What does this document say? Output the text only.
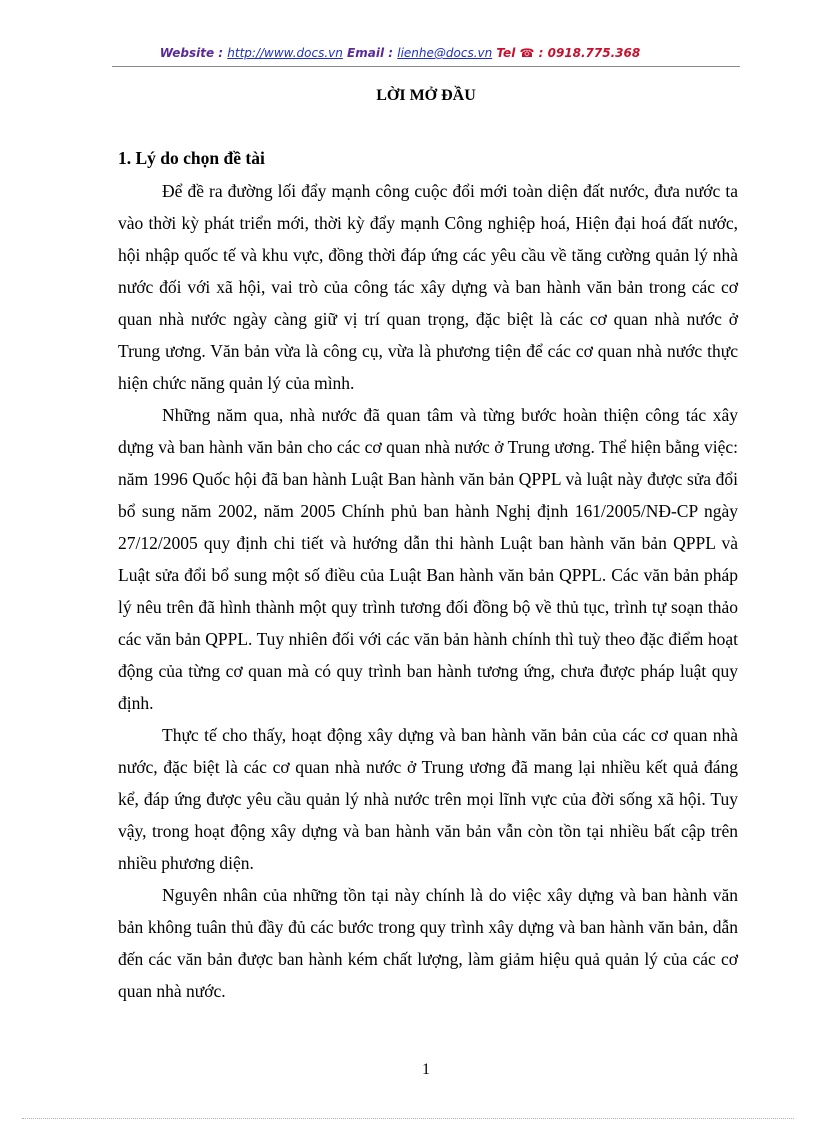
Website : http://www.docs.vn Email : lienhe@docs.vn Tel ☎ : 0918.775.368
LỜI MỞ ĐẦU
1. Lý do chọn đề tài

Để đề ra đường lối đẩy mạnh công cuộc đổi mới toàn diện đất nước, đưa nước ta vào thời kỳ phát triển mới, thời kỳ đẩy mạnh Công nghiệp hoá, Hiện đại hoá đất nước, hội nhập quốc tế và khu vực, đồng thời đáp ứng các yêu cầu về tăng cường quản lý nhà nước đối với xã hội, vai trò của công tác xây dựng và ban hành văn bản trong các cơ quan nhà nước ngày càng giữ vị trí quan trọng, đặc biệt là các cơ quan nhà nước ở Trung ương. Văn bản vừa là công cụ, vừa là phương tiện để các cơ quan nhà nước thực hiện chức năng quản lý của mình.

Những năm qua, nhà nước đã quan tâm và từng bước hoàn thiện công tác xây dựng và ban hành văn bản cho các cơ quan nhà nước ở Trung ương. Thể hiện bằng việc: năm 1996 Quốc hội đã ban hành Luật Ban hành văn bản QPPL và luật này được sửa đổi bổ sung năm 2002, năm 2005 Chính phủ ban hành Nghị định 161/2005/NĐ-CP ngày 27/12/2005 quy định chi tiết và hướng dẫn thi hành Luật ban hành văn bản QPPL và Luật sửa đổi bổ sung một số điều của Luật Ban hành văn bản QPPL. Các văn bản pháp lý nêu trên đã hình thành một quy trình tương đối đồng bộ về thủ tục, trình tự soạn thảo các văn bản QPPL. Tuy nhiên đối với các văn bản hành chính thì tuỳ theo đặc điểm hoạt động của từng cơ quan mà có quy trình ban hành tương ứng, chưa được pháp luật quy định.

Thực tế cho thấy, hoạt động xây dựng và ban hành văn bản của các cơ quan nhà nước, đặc biệt là các cơ quan nhà nước ở Trung ương đã mang lại nhiều kết quả đáng kể, đáp ứng được yêu cầu quản lý nhà nước trên mọi lĩnh vực của đời sống xã hội. Tuy vậy, trong hoạt động xây dựng và ban hành văn bản vẫn còn tồn tại nhiều bất cập trên nhiều phương diện.

Nguyên nhân của những tồn tại này chính là do việc xây dựng và ban hành văn bản không tuân thủ đầy đủ các bước trong quy trình xây dựng và ban hành văn bản, dẫn đến các văn bản được ban hành kém chất lượng, làm giảm hiệu quả quản lý của các cơ quan nhà nước.

1
